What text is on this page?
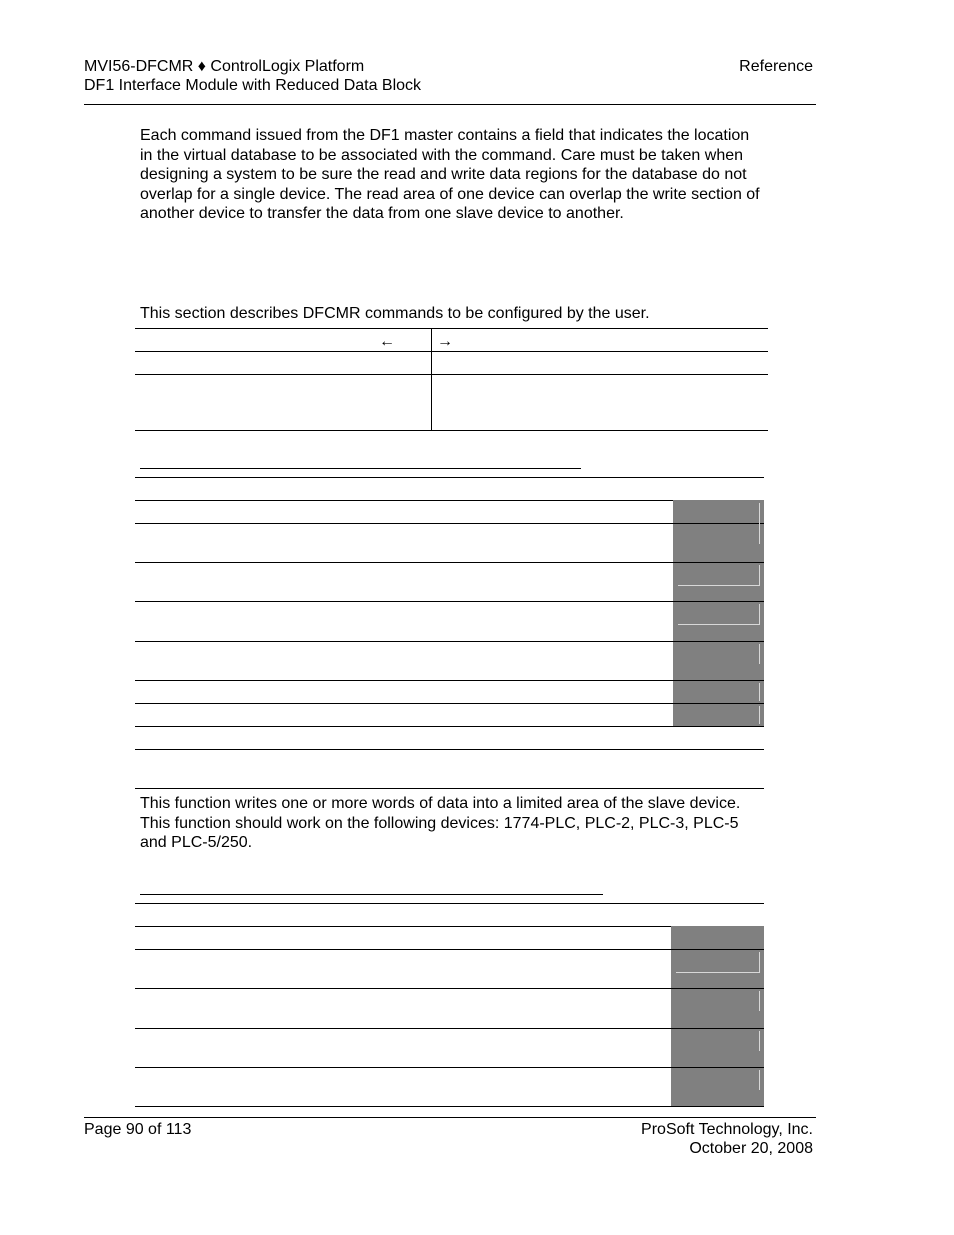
MVI56-DFCMR ♦ ControlLogix Platform
DF1 Interface Module with Reduced Data Block
Reference
Each command issued from the DF1 master contains a field that indicates the location in the virtual database to be associated with the command. Care must be taken when designing a system to be sure the read and write data regions for the database do not overlap for a single device. The read area of one device can overlap the write section of another device to transfer the data from one slave device to another.
This section describes DFCMR commands to be configured by the user.
←	→
This function writes one or more words of data into a limited area of the slave device. This function should work on the following devices: 1774-PLC, PLC-2, PLC-3, PLC-5 and PLC-5/250.
Page 90 of 113	ProSoft Technology, Inc.
October 20, 2008
